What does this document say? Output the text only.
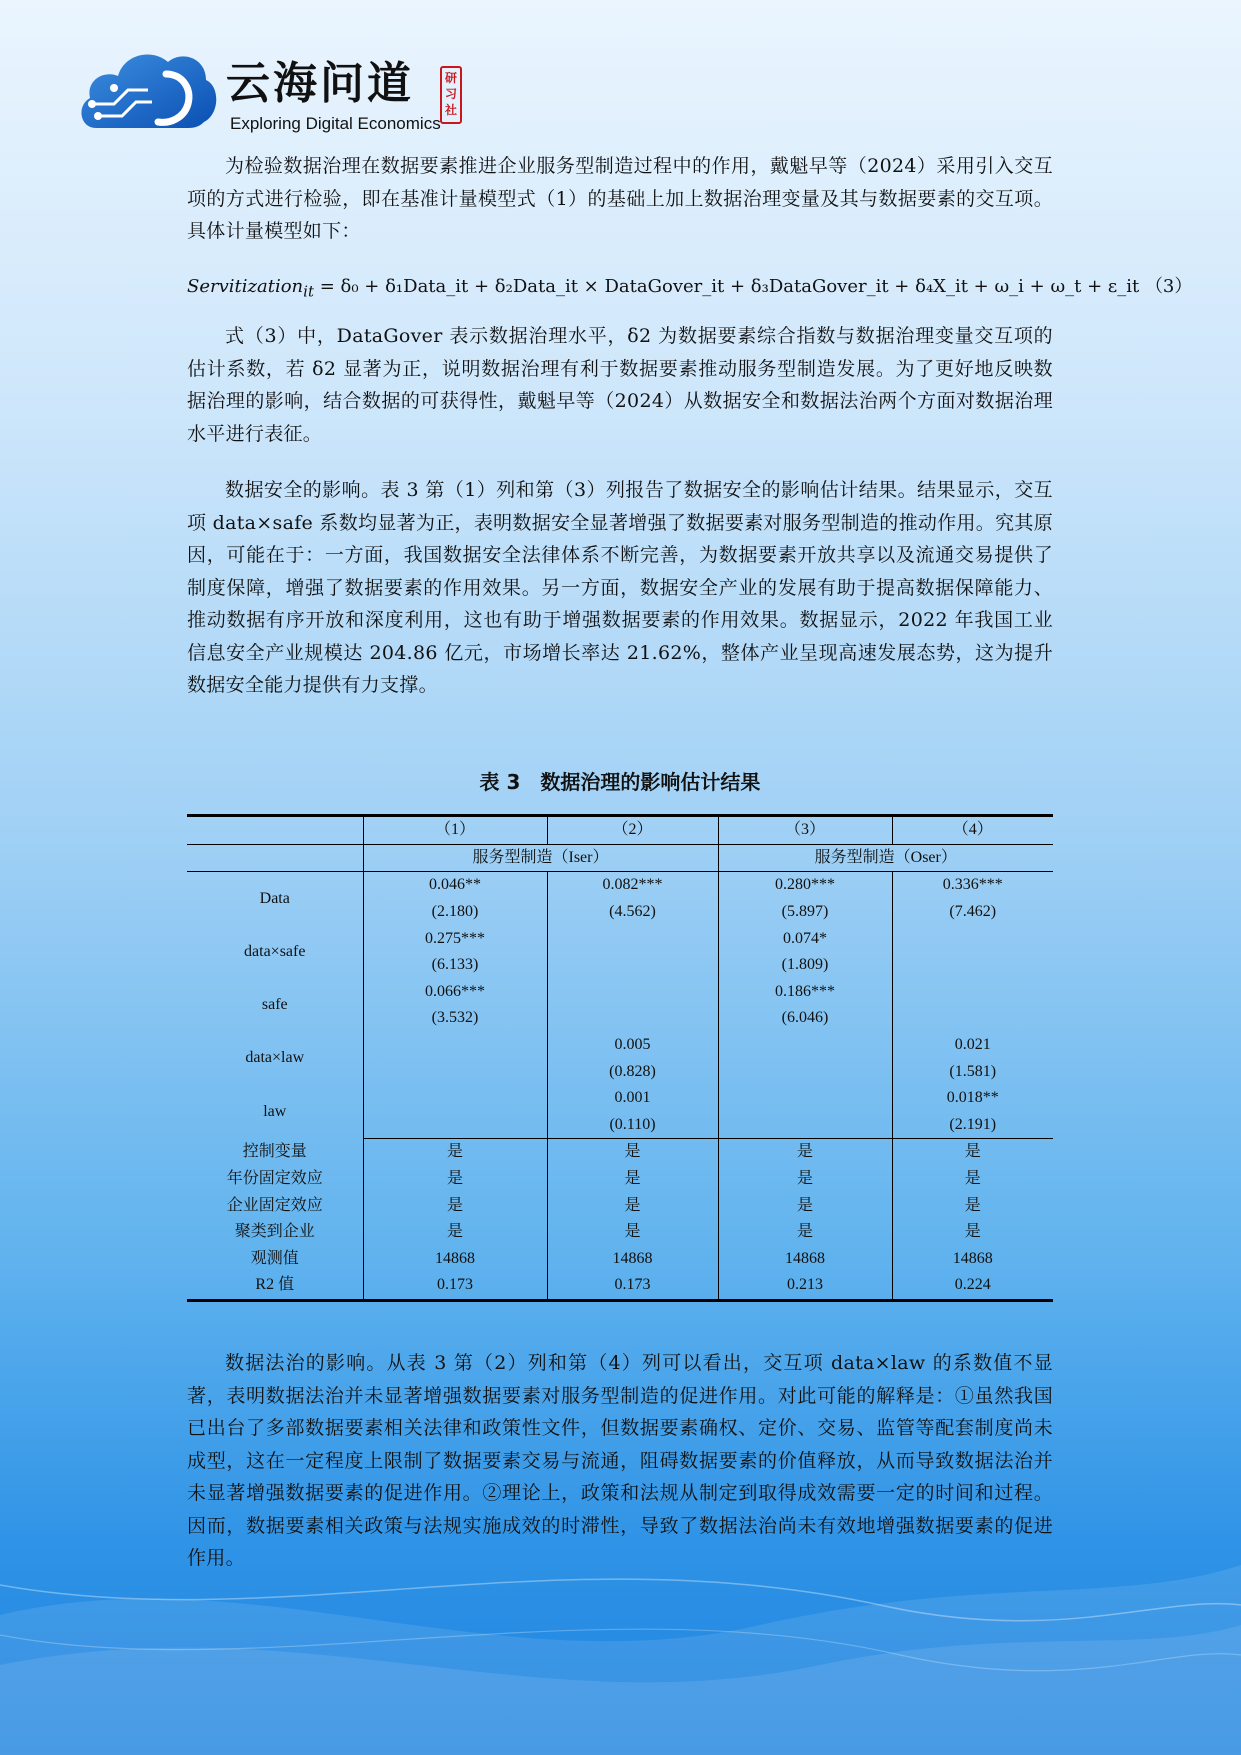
云海问道
Exploring Digital Economics
研习社

为检验数据治理在数据要素推进企业服务型制造过程中的作用，戴魁早等（2024）采用引入交互项的方式进行检验，即在基准计量模型式（1）的基础上加上数据治理变量及其与数据要素的交互项。具体计量模型如下：

Servitization$_{it}$ = δ₀ + δ₁Data_it + δ₂Data_it × DataGover_it + δ₃DataGover_it + δ₄X_it + ω_i + ω_t + ε_it （3）

式（3）中，DataGover 表示数据治理水平，δ2 为数据要素综合指数与数据治理变量交互项的估计系数，若 δ2 显著为正，说明数据治理有利于数据要素推动服务型制造发展。为了更好地反映数据治理的影响，结合数据的可获得性，戴魁早等（2024）从数据安全和数据法治两个方面对数据治理水平进行表征。

数据安全的影响。表 3 第（1）列和第（3）列报告了数据安全的影响估计结果。结果显示，交互项 data×safe 系数均显著为正，表明数据安全显著增强了数据要素对服务型制造的推动作用。究其原因，可能在于：一方面，我国数据安全法律体系不断完善，为数据要素开放共享以及流通交易提供了制度保障，增强了数据要素的作用效果。另一方面，数据安全产业的发展有助于提高数据保障能力、推动数据有序开放和深度利用，这也有助于增强数据要素的作用效果。数据显示，2022 年我国工业信息安全产业规模达 204.86 亿元，市场增长率达 21.62%，整体产业呈现高速发展态势，这为提升数据安全能力提供有力支撑。

表 3　数据治理的影响估计结果
	（1）	（2）	（3）	（4）
	服务型制造（Iser）		服务型制造（Oser）	
Data	0.046**	0.082***	0.280***	0.336***
	(2.180)	(4.562)	(5.897)	(7.462)
data×safe	0.275***		0.074*	
	(6.133)		(1.809)	
safe	0.066***		0.186***	
	(3.532)		(6.046)	
data×law		0.005		0.021
		(0.828)		(1.581)
law		0.001		0.018**
		(0.110)		(2.191)
控制变量	是	是	是	是
年份固定效应	是	是	是	是
企业固定效应	是	是	是	是
聚类到企业	是	是	是	是
观测值	14868	14868	14868	14868
R2 值	0.173	0.173	0.213	0.224

数据法治的影响。从表 3 第（2）列和第（4）列可以看出，交互项 data×law 的系数值不显著，表明数据法治并未显著增强数据要素对服务型制造的促进作用。对此可能的解释是：①虽然我国已出台了多部数据要素相关法律和政策性文件，但数据要素确权、定价、交易、监管等配套制度尚未成型，这在一定程度上限制了数据要素交易与流通，阻碍数据要素的价值释放，从而导致数据法治并未显著增强数据要素的促进作用。②理论上，政策和法规从制定到取得成效需要一定的时间和过程。因而，数据要素相关政策与法规实施成效的时滞性，导致了数据法治尚未有效地增强数据要素的促进作用。
